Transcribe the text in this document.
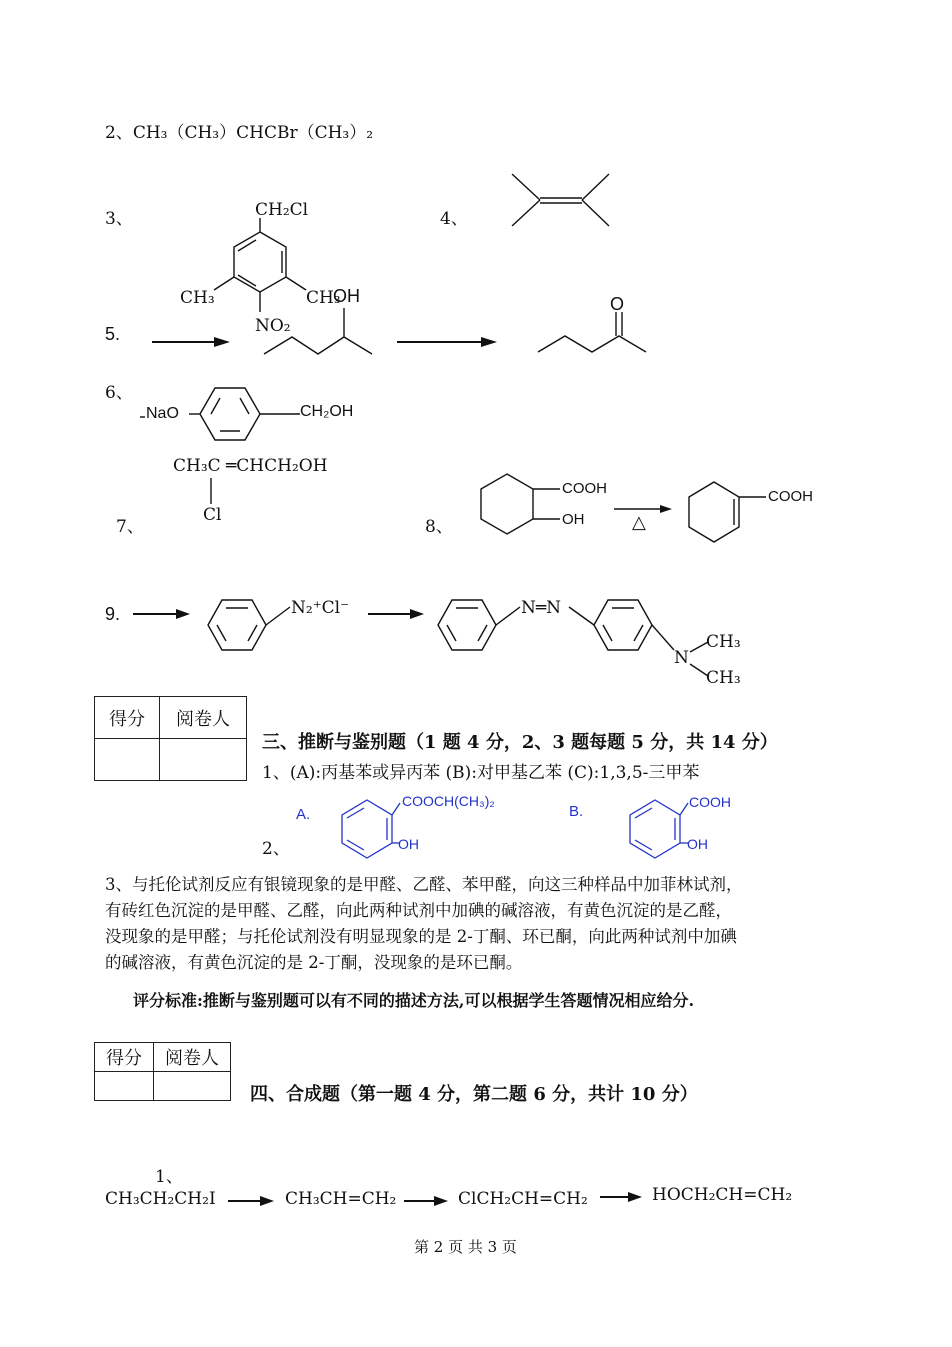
2、CH₃（CH₃）CHCBr（CH₃）₂
3、	CH₂Cl
CH₃	CH₃
NO₂
4、
5.
OH	O
6、
NaO	CH₂OH
CH₃C ═CHCH₂OH
Cl
7、	8、
COOH
OH	△
COOH
9.	N₂⁺Cl⁻	N═N
N
CH₃
CH₃
得分	阅卷人

三、推断与鉴别题（1 题 4 分，2、3 题每题 5 分，共 14 分）
1、(A):丙基苯或异丙苯 (B):对甲基乙苯 (C):1,3,5-三甲苯
2、
A.
COOCH(CH₃)₂
OH
B.
COOH
OH
3、与托伦试剂反应有银镜现象的是甲醛、乙醛、苯甲醛，向这三种样品中加菲林试剂，
有砖红色沉淀的是甲醛、乙醛，向此两种试剂中加碘的碱溶液，有黄色沉淀的是乙醛，
没现象的是甲醛；与托伦试剂没有明显现象的是 2-丁酮、环已酮，向此两种试剂中加碘
的碱溶液，有黄色沉淀的是 2-丁酮，没现象的是环已酮。
评分标准:推断与鉴别题可以有不同的描述方法,可以根据学生答题情况相应给分.
得分	阅卷人

四、合成题（第一题 4 分，第二题 6 分，共计 10 分）
1、
CH₃CH₂CH₂I	CH₃CH=CH₂	ClCH₂CH=CH₂	HOCH₂CH=CH₂
第 2 页 共 3 页
